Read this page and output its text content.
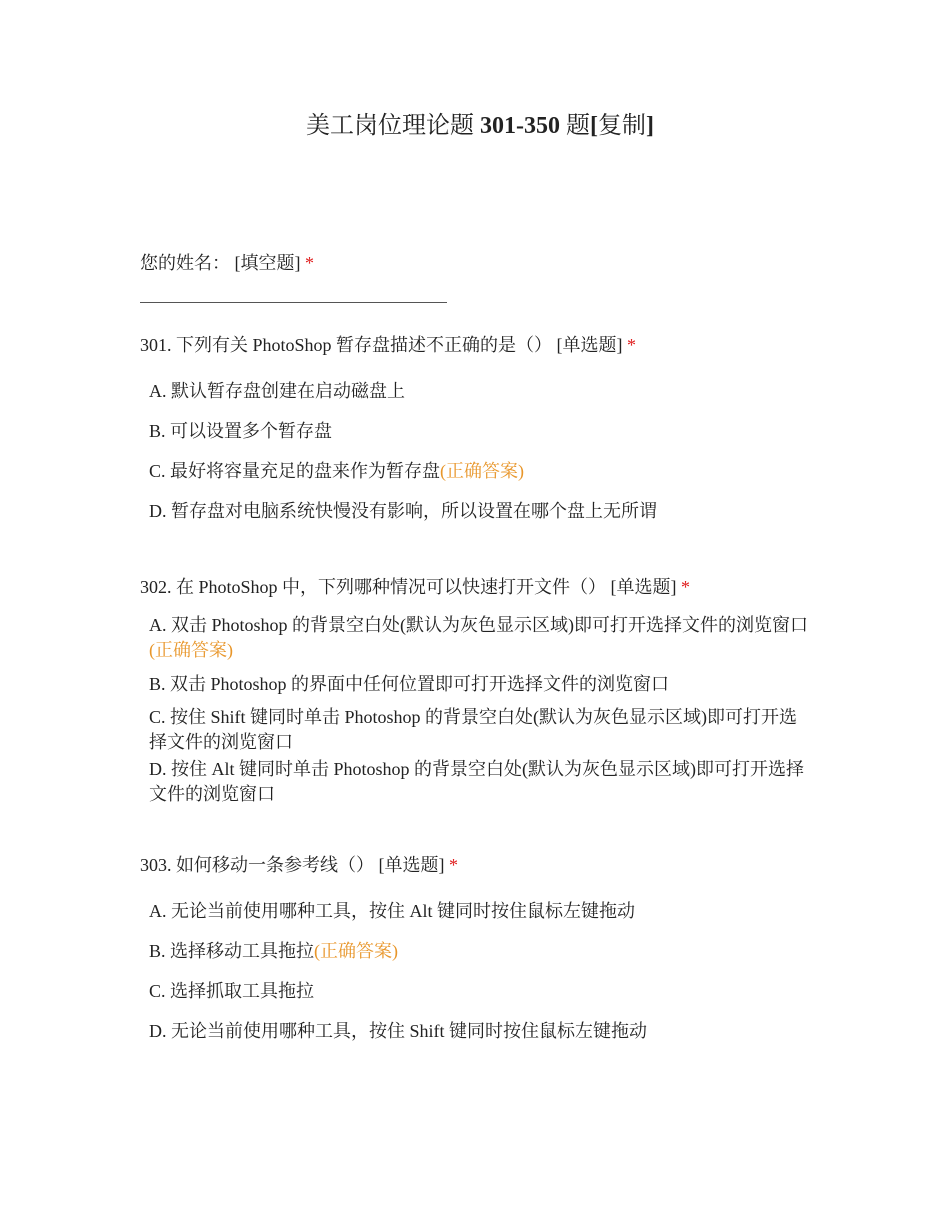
美工岗位理论题 301-350 题[复制]
您的姓名： [填空题] *
301. 下列有关 PhotoShop 暂存盘描述不正确的是（） [单选题] *
A. 默认暂存盘创建在启动磁盘上
B. 可以设置多个暂存盘
C. 最好将容量充足的盘来作为暂存盘(正确答案)
D. 暂存盘对电脑系统快慢没有影响，所以设置在哪个盘上无所谓
302. 在 PhotoShop 中，下列哪种情况可以快速打开文件（） [单选题] *
A. 双击 Photoshop 的背景空白处(默认为灰色显示区域)即可打开选择文件的浏览窗口(正确答案)
B. 双击 Photoshop 的界面中任何位置即可打开选择文件的浏览窗口
C. 按住 Shift 键同时单击 Photoshop 的背景空白处(默认为灰色显示区域)即可打开选择文件的浏览窗口
D. 按住 Alt 键同时单击 Photoshop 的背景空白处(默认为灰色显示区域)即可打开选择文件的浏览窗口
303. 如何移动一条参考线（） [单选题] *
A. 无论当前使用哪种工具，按住 Alt 键同时按住鼠标左键拖动
B. 选择移动工具拖拉(正确答案)
C. 选择抓取工具拖拉
D. 无论当前使用哪种工具，按住 Shift 键同时按住鼠标左键拖动
